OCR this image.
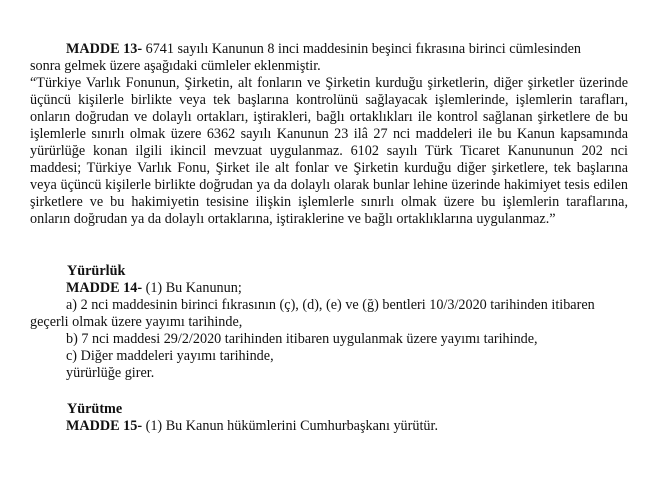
MADDE 13- 6741 sayılı Kanunun 8 inci maddesinin beşinci fıkrasına birinci cümlesinden
sonra gelmek üzere aşağıdaki cümleler eklenmiştir.

“Türkiye Varlık Fonunun, Şirketin, alt fonların ve Şirketin kurduğu şirketlerin, diğer şirketler üzerinde üçüncü kişilerle birlikte veya tek başlarına kontrolünü sağlayacak işlemlerinde, işlemlerin tarafları, onların doğrudan ve dolaylı ortakları, iştirakleri, bağlı ortaklıkları ile kontrol sağlanan şirketlere de bu işlemlerle sınırlı olmak üzere 6362 sayılı Kanunun 23 ilâ 27 nci maddeleri ile bu Kanun kapsamında yürürlüğe konan ilgili ikincil mevzuat uygulanmaz. 6102 sayılı Türk Ticaret Kanununun 202 nci maddesi; Türkiye Varlık Fonu, Şirket ile alt fonlar ve Şirketin kurduğu diğer şirketlere, tek başlarına veya üçüncü kişilerle birlikte doğrudan ya da dolaylı olarak bunlar lehine üzerinde hakimiyet tesis edilen şirketlere ve bu hakimiyetin tesisine ilişkin işlemlerle sınırlı olmak üzere bu işlemlerin taraflarına, onların doğrudan ya da dolaylı ortaklarına, iştiraklerine ve bağlı ortaklıklarına uygulanmaz.”

Yürürlük

MADDE 14- (1) Bu Kanunun;
a) 2 nci maddesinin birinci fıkrasının (ç), (d), (e) ve (ğ) bentleri 10/3/2020 tarihinden itibaren
geçerli olmak üzere yayımı tarihinde,
b) 7 nci maddesi 29/2/2020 tarihinden itibaren uygulanmak üzere yayımı tarihinde,
c) Diğer maddeleri yayımı tarihinde,
yürürlüğe girer.

Yürütme

MADDE 15- (1) Bu Kanun hükümlerini Cumhurbaşkanı yürütür.
